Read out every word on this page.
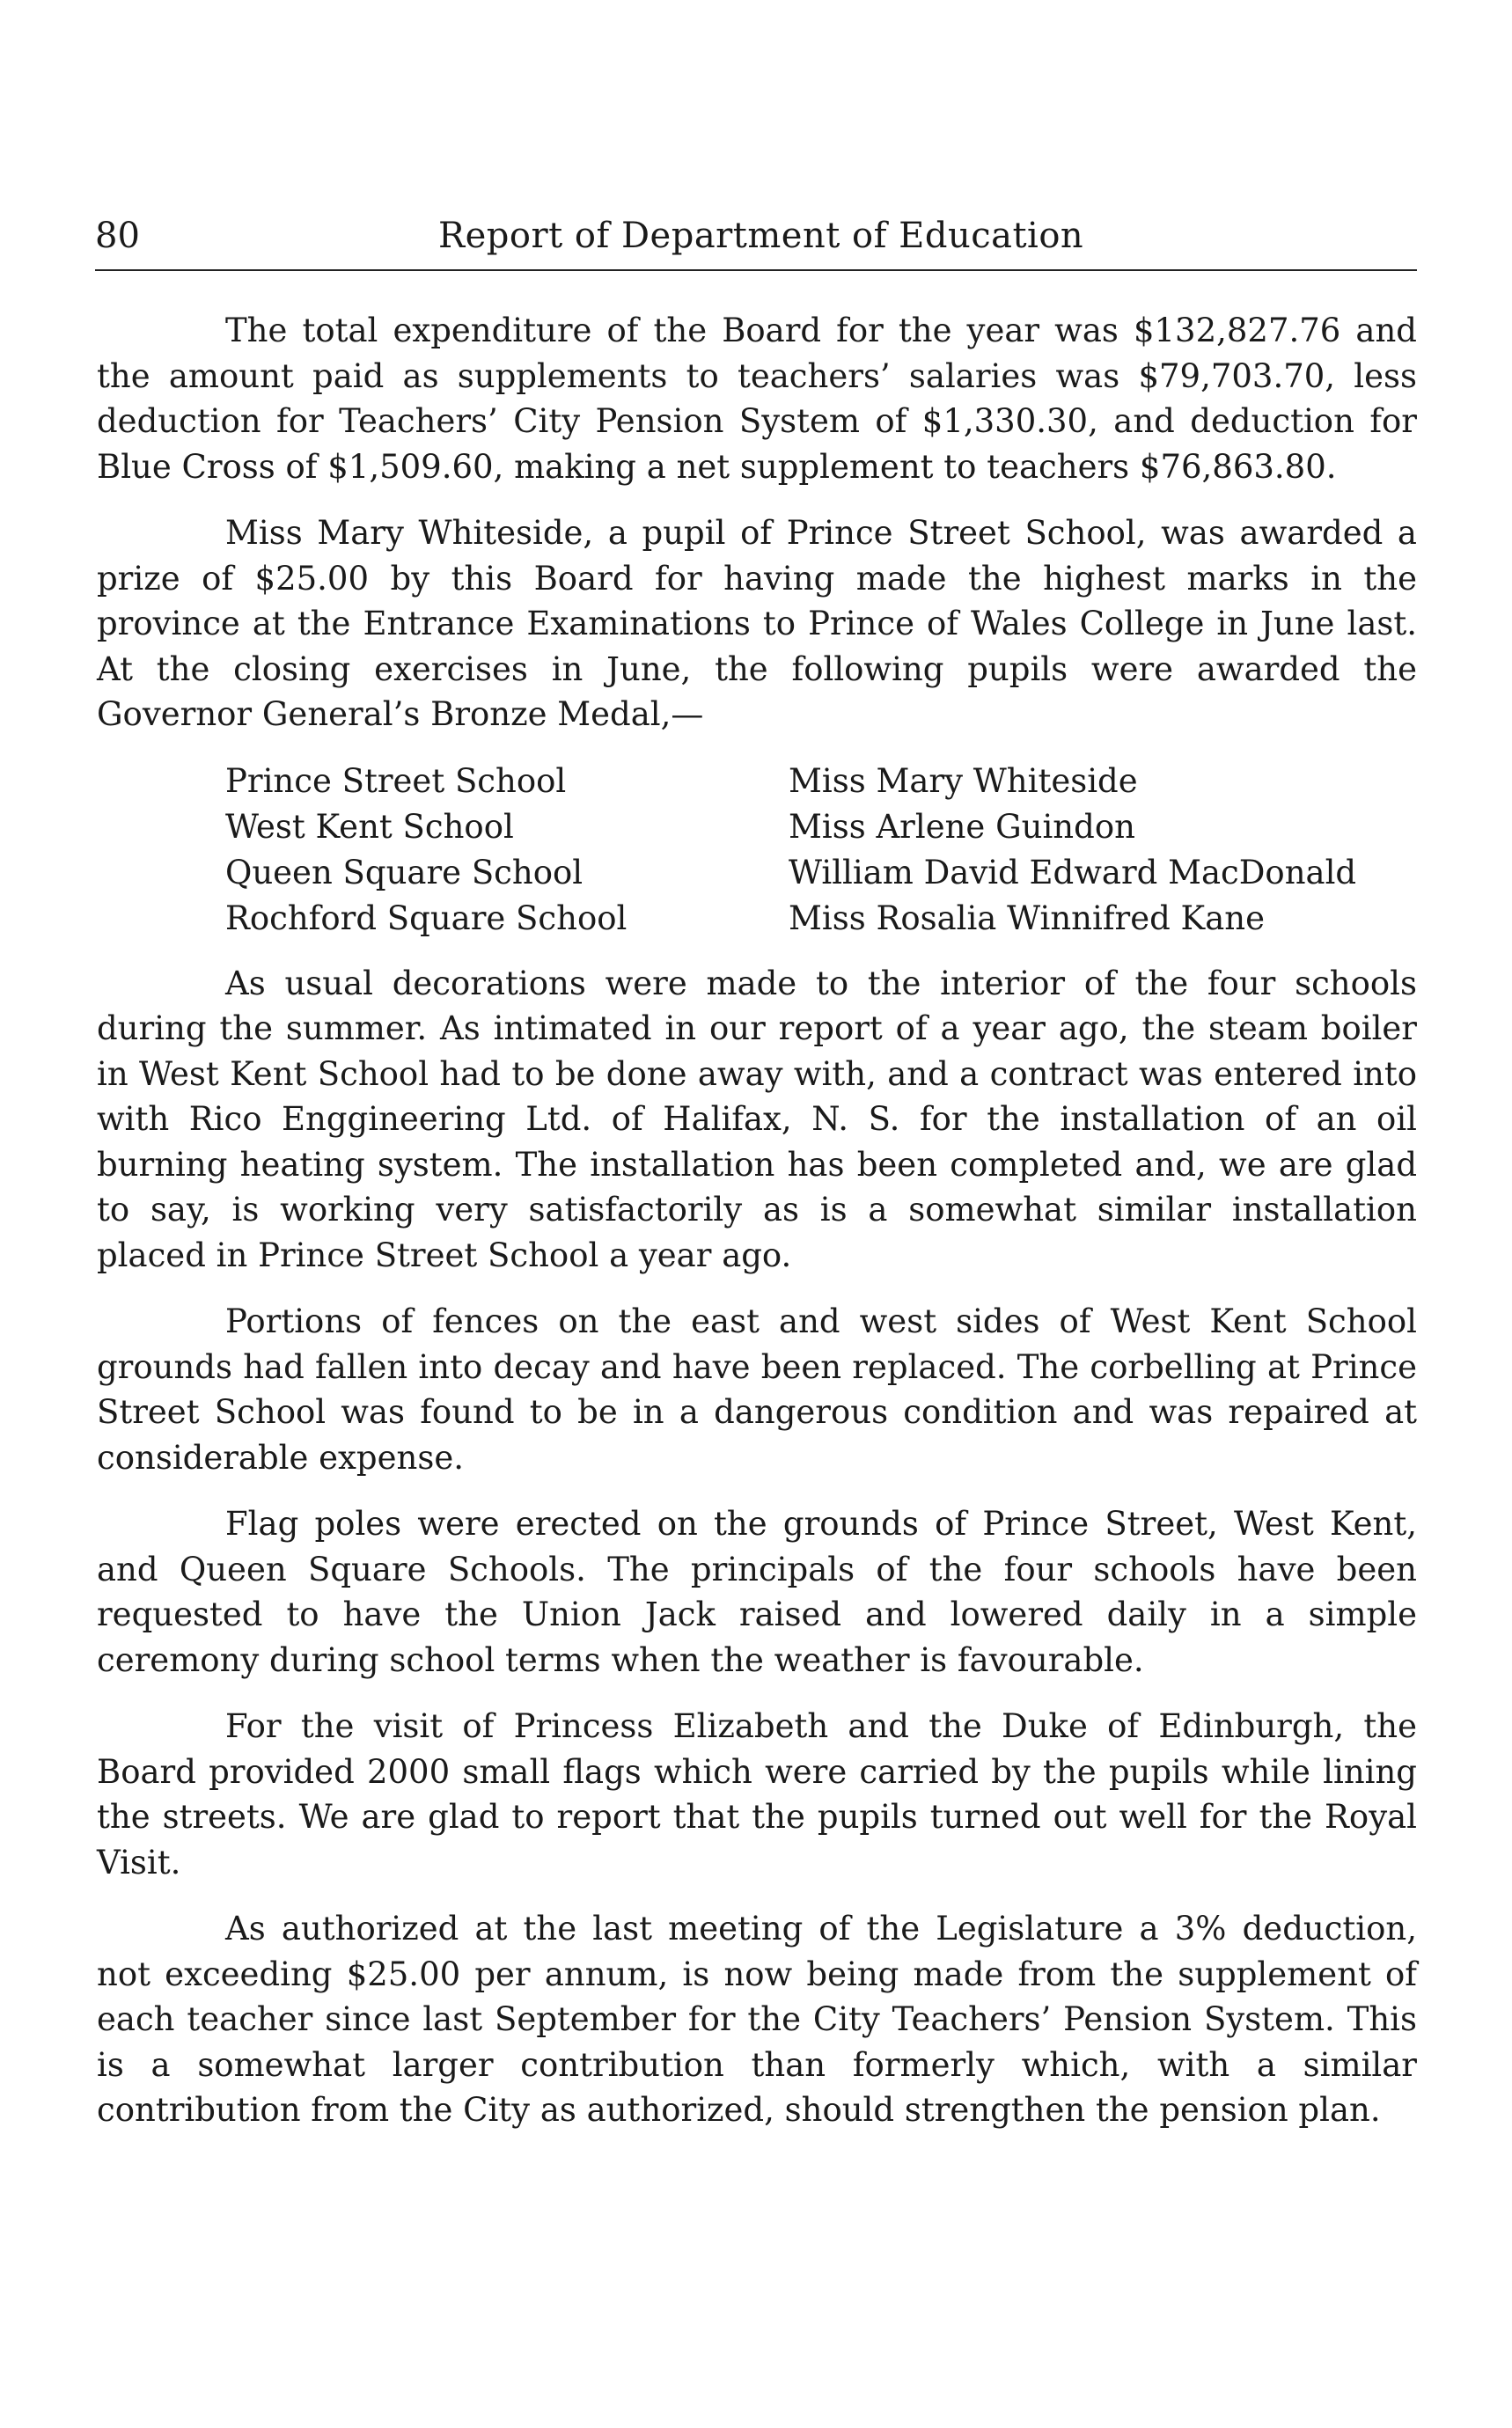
80	Report of Department of Education

The total expenditure of the Board for the year was $132,827.76 and the amount paid as supplements to teachers’ salaries was $79,703.70, less deduction for Teachers’ City Pension System of $1,330.30, and deduction for Blue Cross of $1,509.60, making a net supplement to teachers $76,863.80.

Miss Mary Whiteside, a pupil of Prince Street School, was awarded a prize of $25.00 by this Board for having made the highest marks in the province at the Entrance Examinations to Prince of Wales College in June last. At the closing exercises in June, the following pupils were awarded the Governor General’s Bronze Medal,—

Prince Street School	Miss Mary Whiteside
West Kent School	Miss Arlene Guindon
Queen Square School	William David Edward MacDonald
Rochford Square School	Miss Rosalia Winnifred Kane

As usual decorations were made to the interior of the four schools during the summer. As intimated in our report of a year ago, the steam boiler in West Kent School had to be done away with, and a contract was entered into with Rico Enggineering Ltd. of Halifax, N. S. for the installation of an oil burning heating system. The installation has been completed and, we are glad to say, is working very satisfactorily as is a somewhat similar installation placed in Prince Street School a year ago.

Portions of fences on the east and west sides of West Kent School grounds had fallen into decay and have been replaced. The corbelling at Prince Street School was found to be in a dangerous condition and was repaired at considerable expense.

Flag poles were erected on the grounds of Prince Street, West Kent, and Queen Square Schools. The principals of the four schools have been requested to have the Union Jack raised and lowered daily in a simple ceremony during school terms when the weather is favourable.

For the visit of Princess Elizabeth and the Duke of Edinburgh, the Board provided 2000 small flags which were carried by the pupils while lining the streets. We are glad to report that the pupils turned out well for the Royal Visit.

As authorized at the last meeting of the Legislature a 3% deduction, not exceeding $25.00 per annum, is now being made from the supplement of each teacher since last September for the City Teachers’ Pension System. This is a somewhat larger contribution than formerly which, with a similar contribution from the City as authorized, should strengthen the pension plan.
